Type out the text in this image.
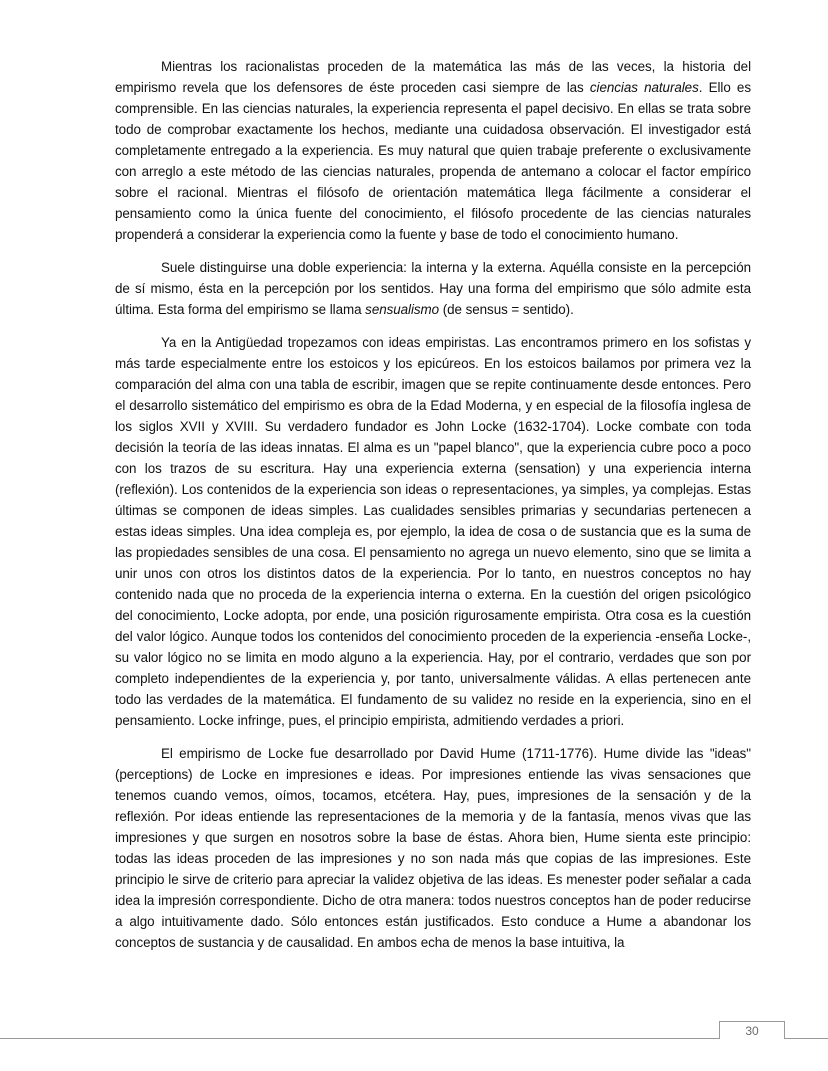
Mientras los racionalistas proceden de la matemática las más de las veces, la historia del empirismo revela que los defensores de éste proceden casi siempre de las ciencias naturales. Ello es comprensible. En las ciencias naturales, la experiencia representa el papel decisivo. En ellas se trata sobre todo de comprobar exactamente los hechos, mediante una cuidadosa observación. El investigador está completamente entregado a la experiencia. Es muy natural que quien trabaje preferente o exclusivamente con arreglo a este método de las ciencias naturales, propenda de antemano a colocar el factor empírico sobre el racional. Mientras el filósofo de orientación matemática llega fácilmente a considerar el pensamiento como la única fuente del conocimiento, el filósofo procedente de las ciencias naturales propenderá a considerar la experiencia como la fuente y base de todo el conocimiento humano.

Suele distinguirse una doble experiencia: la interna y la externa. Aquélla consiste en la percepción de sí mismo, ésta en la percepción por los sentidos. Hay una forma del empirismo que sólo admite esta última. Esta forma del empirismo se llama sensualismo (de sensus = sentido).

Ya en la Antigüedad tropezamos con ideas empiristas. Las encontramos primero en los sofistas y más tarde especialmente entre los estoicos y los epicúreos. En los estoicos bailamos por primera vez la comparación del alma con una tabla de escribir, imagen que se repite continuamente desde entonces. Pero el desarrollo sistemático del empirismo es obra de la Edad Moderna, y en especial de la filosofía inglesa de los siglos XVII y XVIII. Su verdadero fundador es John Locke (1632-1704). Locke combate con toda decisión la teoría de las ideas innatas. El alma es un "papel blanco", que la experiencia cubre poco a poco con los trazos de su escritura. Hay una experiencia externa (sensation) y una experiencia interna (reflexión). Los contenidos de la experiencia son ideas o representaciones, ya simples, ya complejas. Estas últimas se componen de ideas simples. Las cualidades sensibles primarias y secundarias pertenecen a estas ideas simples. Una idea compleja es, por ejemplo, la idea de cosa o de sustancia que es la suma de las propiedades sensibles de una cosa. El pensamiento no agrega un nuevo elemento, sino que se limita a unir unos con otros los distintos datos de la experiencia. Por lo tanto, en nuestros conceptos no hay contenido nada que no proceda de la experiencia interna o externa. En la cuestión del origen psicológico del conocimiento, Locke adopta, por ende, una posición rigurosamente empirista. Otra cosa es la cuestión del valor lógico. Aunque todos los contenidos del conocimiento proceden de la experiencia -enseña Locke-, su valor lógico no se limita en modo alguno a la experiencia. Hay, por el contrario, verdades que son por completo independientes de la experiencia y, por tanto, universalmente válidas. A ellas pertenecen ante todo las verdades de la matemática. El fundamento de su validez no reside en la experiencia, sino en el pensamiento. Locke infringe, pues, el principio empirista, admitiendo verdades a priori.

El empirismo de Locke fue desarrollado por David Hume (1711-1776). Hume divide las "ideas" (perceptions) de Locke en impresiones e ideas. Por impresiones entiende las vivas sensaciones que tenemos cuando vemos, oímos, tocamos, etcétera. Hay, pues, impresiones de la sensación y de la reflexión. Por ideas entiende las representaciones de la memoria y de la fantasía, menos vivas que las impresiones y que surgen en nosotros sobre la base de éstas. Ahora bien, Hume sienta este principio: todas las ideas proceden de las impresiones y no son nada más que copias de las impresiones. Este principio le sirve de criterio para apreciar la validez objetiva de las ideas. Es menester poder señalar a cada idea la impresión correspondiente. Dicho de otra manera: todos nuestros conceptos han de poder reducirse a algo intuitivamente dado. Sólo entonces están justificados. Esto conduce a Hume a abandonar los conceptos de sustancia y de causalidad. En ambos echa de menos la base intuitiva, la

30
